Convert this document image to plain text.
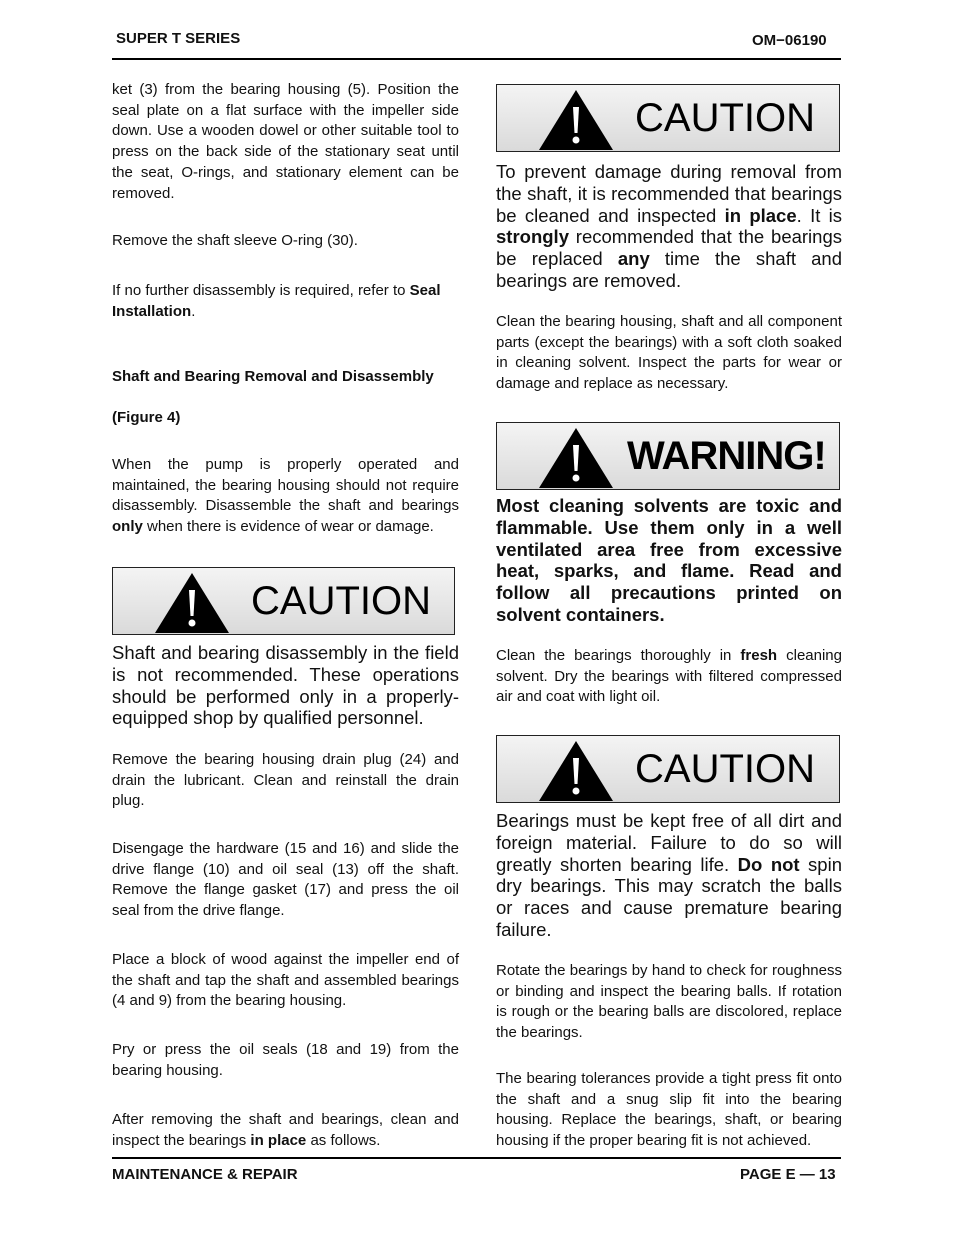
SUPER T SERIES	OM−06190

ket (3) from the bearing housing (5). Position the seal plate on a flat surface with the impeller side down. Use a wooden dowel or other suitable tool to press on the back side of the stationary seat until the seat, O-rings, and stationary element can be removed.

Remove the shaft sleeve O-ring (30).

If no further disassembly is required, refer to Seal Installation.

Shaft and Bearing Removal and Disassembly

(Figure 4)

When the pump is properly operated and maintained, the bearing housing should not require disassembly. Disassemble the shaft and bearings only when there is evidence of wear or damage.

CAUTION

Shaft and bearing disassembly in the field is not recommended. These operations should be performed only in a properly-equipped shop by qualified personnel.

Remove the bearing housing drain plug (24) and drain the lubricant. Clean and reinstall the drain plug.

Disengage the hardware (15 and 16) and slide the drive flange (10) and oil seal (13) off the shaft. Remove the flange gasket (17) and press the oil seal from the drive flange.

Place a block of wood against the impeller end of the shaft and tap the shaft and assembled bearings (4 and 9) from the bearing housing.

Pry or press the oil seals (18 and 19) from the bearing housing.

After removing the shaft and bearings, clean and inspect the bearings in place as follows.

CAUTION

To prevent damage during removal from the shaft, it is recommended that bearings be cleaned and inspected in place. It is strongly recommended that the bearings be replaced any time the shaft and bearings are removed.

Clean the bearing housing, shaft and all component parts (except the bearings) with a soft cloth soaked in cleaning solvent. Inspect the parts for wear or damage and replace as necessary.

WARNING!

Most cleaning solvents are toxic and flammable. Use them only in a well ventilated area free from excessive heat, sparks, and flame. Read and follow all precautions printed on solvent containers.

Clean the bearings thoroughly in fresh cleaning solvent. Dry the bearings with filtered compressed air and coat with light oil.

CAUTION

Bearings must be kept free of all dirt and foreign material. Failure to do so will greatly shorten bearing life. Do not spin dry bearings. This may scratch the balls or races and cause premature bearing failure.

Rotate the bearings by hand to check for roughness or binding and inspect the bearing balls. If rotation is rough or the bearing balls are discolored, replace the bearings.

The bearing tolerances provide a tight press fit onto the shaft and a snug slip fit into the bearing housing. Replace the bearings, shaft, or bearing housing if the proper bearing fit is not achieved.

MAINTENANCE & REPAIR	PAGE E — 13
